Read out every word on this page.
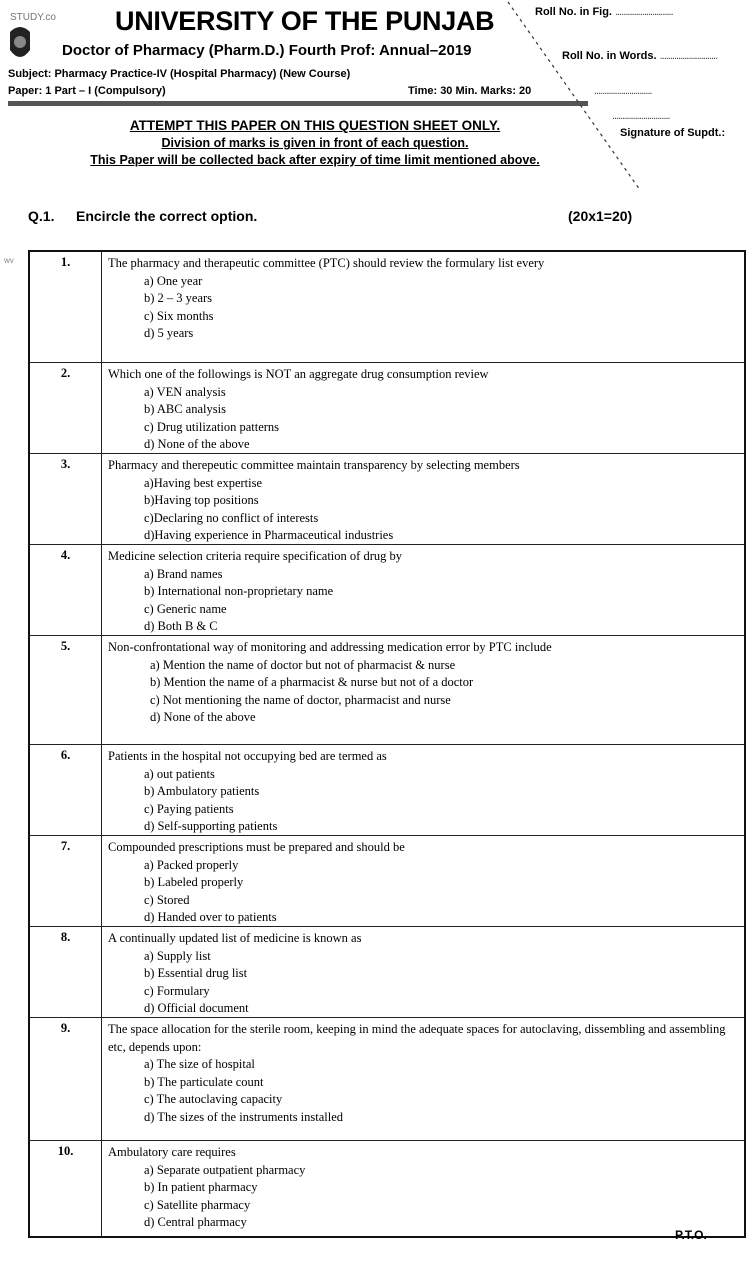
STUDY.co UNIVERSITY OF THE PUNJAB
Doctor of Pharmacy (Pharm.D.) Fourth Prof: Annual–2019
Subject: Pharmacy Practice-IV (Hospital Pharmacy) (New Course)
Paper: 1 Part – I (Compulsory)	Time: 30 Min. Marks: 20
Roll No. in Fig. ............................
Roll No. in Words. ............................
............................
............................
Signature of Supdt.:
ATTEMPT THIS PAPER ON THIS QUESTION SHEET ONLY.
Division of marks is given in front of each question.
This Paper will be collected back after expiry of time limit mentioned above.
Q.1. Encircle the correct option.	(20x1=20)
wv	1.	The pharmacy and therapeutic committee (PTC) should review the formulary list every
a) One year
b) 2 – 3 years
c) Six months
d) 5 years
2.	Which one of the followings is NOT an aggregate drug consumption review
a) VEN analysis
b) ABC analysis
c) Drug utilization patterns
d) None of the above
3.	Pharmacy and therepeutic committee maintain transparency by selecting members
a)Having best expertise
b)Having top positions
c)Declaring no conflict of interests
d)Having experience in Pharmaceutical industries
4.	Medicine selection criteria require specification of drug by
a) Brand names
b) International non-proprietary name
c) Generic name
d) Both B & C
5.	Non-confrontational way of monitoring and addressing medication error by PTC include
a) Mention the name of doctor but not of pharmacist & nurse
b) Mention the name of a pharmacist & nurse but not of a doctor
c) Not mentioning the name of doctor, pharmacist and nurse
d) None of the above
6.	Patients in the hospital not occupying bed are termed as
a) out patients
b) Ambulatory patients
c) Paying patients
d) Self-supporting patients
7.	Compounded prescriptions must be prepared and should be
a) Packed properly
b) Labeled properly
c) Stored
d) Handed over to patients
8.	A continually updated list of medicine is known as
a) Supply list
b) Essential drug list
c) Formulary
d) Official document
9.	The space allocation for the sterile room, keeping in mind the adequate spaces for autoclaving, dissembling and assembling etc, depends upon:
a) The size of hospital
b) The particulate count
c) The autoclaving capacity
d) The sizes of the instruments installed
10.	Ambulatory care requires
a) Separate outpatient pharmacy
b) In patient pharmacy
c) Satellite pharmacy
d) Central pharmacy
P.T.O.
